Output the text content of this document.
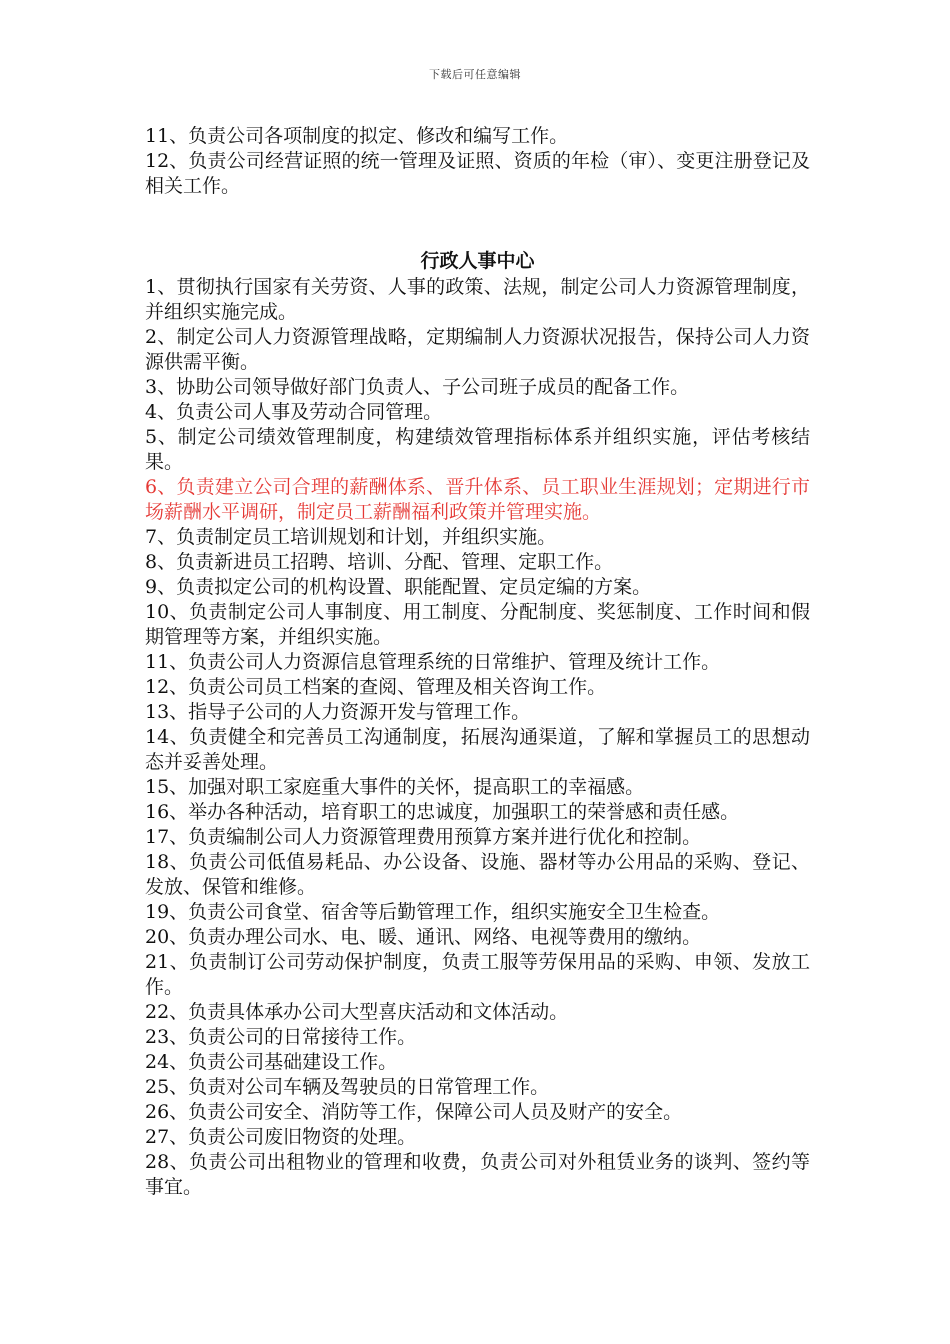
下载后可任意编辑

11、负责公司各项制度的拟定、修改和编写工作。

12、负责公司经营证照的统一管理及证照、资质的年检（审）、变更注册登记及相关工作。

行政人事中心

1、贯彻执行国家有关劳资、人事的政策、法规，制定公司人力资源管理制度，并组织实施完成。

2、制定公司人力资源管理战略，定期编制人力资源状况报告，保持公司人力资源供需平衡。

3、协助公司领导做好部门负责人、子公司班子成员的配备工作。

4、负责公司人事及劳动合同管理。

5、制定公司绩效管理制度，构建绩效管理指标体系并组织实施，评估考核结果。

6、负责建立公司合理的薪酬体系、晋升体系、员工职业生涯规划；定期进行市场薪酬水平调研，制定员工薪酬福利政策并管理实施。

7、负责制定员工培训规划和计划，并组织实施。

8、负责新进员工招聘、培训、分配、管理、定职工作。

9、负责拟定公司的机构设置、职能配置、定员定编的方案。

10、负责制定公司人事制度、用工制度、分配制度、奖惩制度、工作时间和假期管理等方案，并组织实施。

11、负责公司人力资源信息管理系统的日常维护、管理及统计工作。

12、负责公司员工档案的查阅、管理及相关咨询工作。

13、指导子公司的人力资源开发与管理工作。

14、负责健全和完善员工沟通制度，拓展沟通渠道，了解和掌握员工的思想动态并妥善处理。

15、加强对职工家庭重大事件的关怀，提高职工的幸福感。

16、举办各种活动，培育职工的忠诚度，加强职工的荣誉感和责任感。

17、负责编制公司人力资源管理费用预算方案并进行优化和控制。

18、负责公司低值易耗品、办公设备、设施、器材等办公用品的采购、登记、发放、保管和维修。

19、负责公司食堂、宿舍等后勤管理工作，组织实施安全卫生检查。

20、负责办理公司水、电、暖、通讯、网络、电视等费用的缴纳。

21、负责制订公司劳动保护制度，负责工服等劳保用品的采购、申领、发放工作。

22、负责具体承办公司大型喜庆活动和文体活动。

23、负责公司的日常接待工作。

24、负责公司基础建设工作。

25、负责对公司车辆及驾驶员的日常管理工作。

26、负责公司安全、消防等工作，保障公司人员及财产的安全。

27、负责公司废旧物资的处理。

28、负责公司出租物业的管理和收费，负责公司对外租赁业务的谈判、签约等事宜。
